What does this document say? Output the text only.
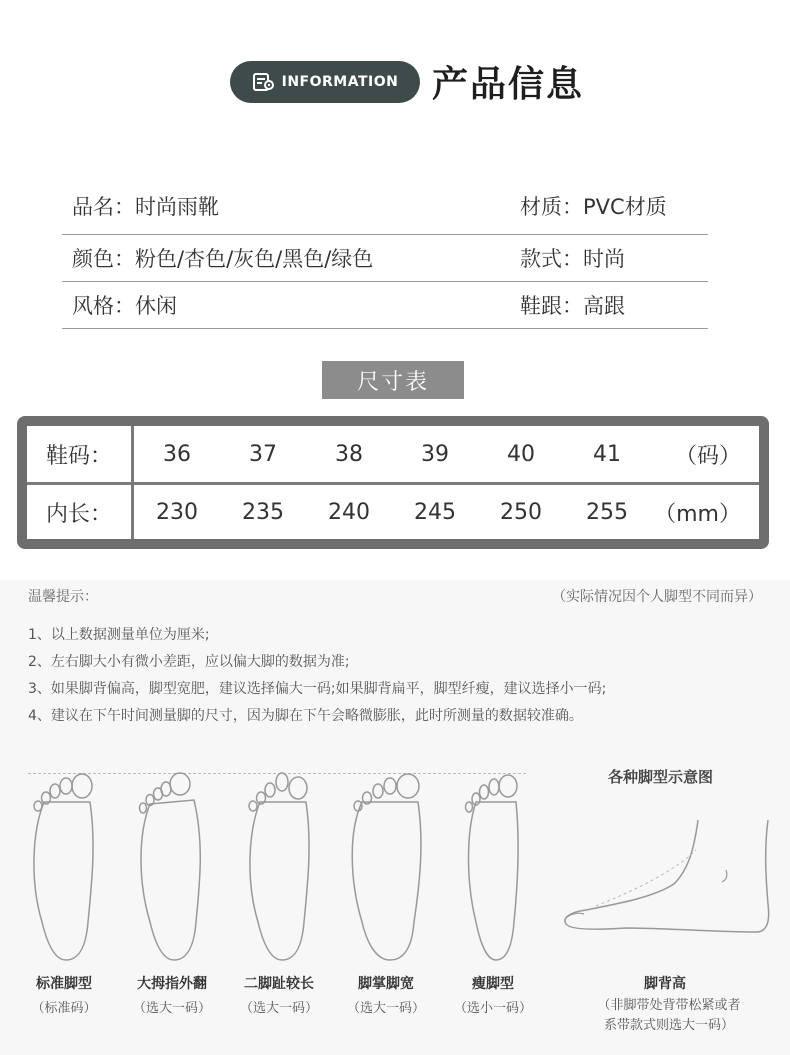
INFORMATION 产品信息
品名：时尚雨靴	材质：PVC材质
颜色：粉色/杏色/灰色/黑色/绿色	款式：时尚
风格：休闲	鞋跟：高跟
尺寸表
鞋码：	36	37	38	39	40	41	（码）
内长：	230	235	240	245	250	255	（mm）
温馨提示：	（实际情况因个人脚型不同而异）
1、以上数据测量单位为厘米;
2、左右脚大小有微小差距，应以偏大脚的数据为准;
3、如果脚背偏高，脚型宽肥，建议选择偏大一码;如果脚背扁平，脚型纤瘦，建议选择小一码;
4、建议在下午时间测量脚的尺寸，因为脚在下午会略微膨胀，此时所测量的数据较准确。
各种脚型示意图
标准脚型
（标准码）
大拇指外翻
（选大一码）
二脚趾较长
（选大一码）
脚掌脚宽
（选大一码）
瘦脚型
（选小一码）
脚背高
（非脚带处背带松紧或者
系带款式则选大一码）
